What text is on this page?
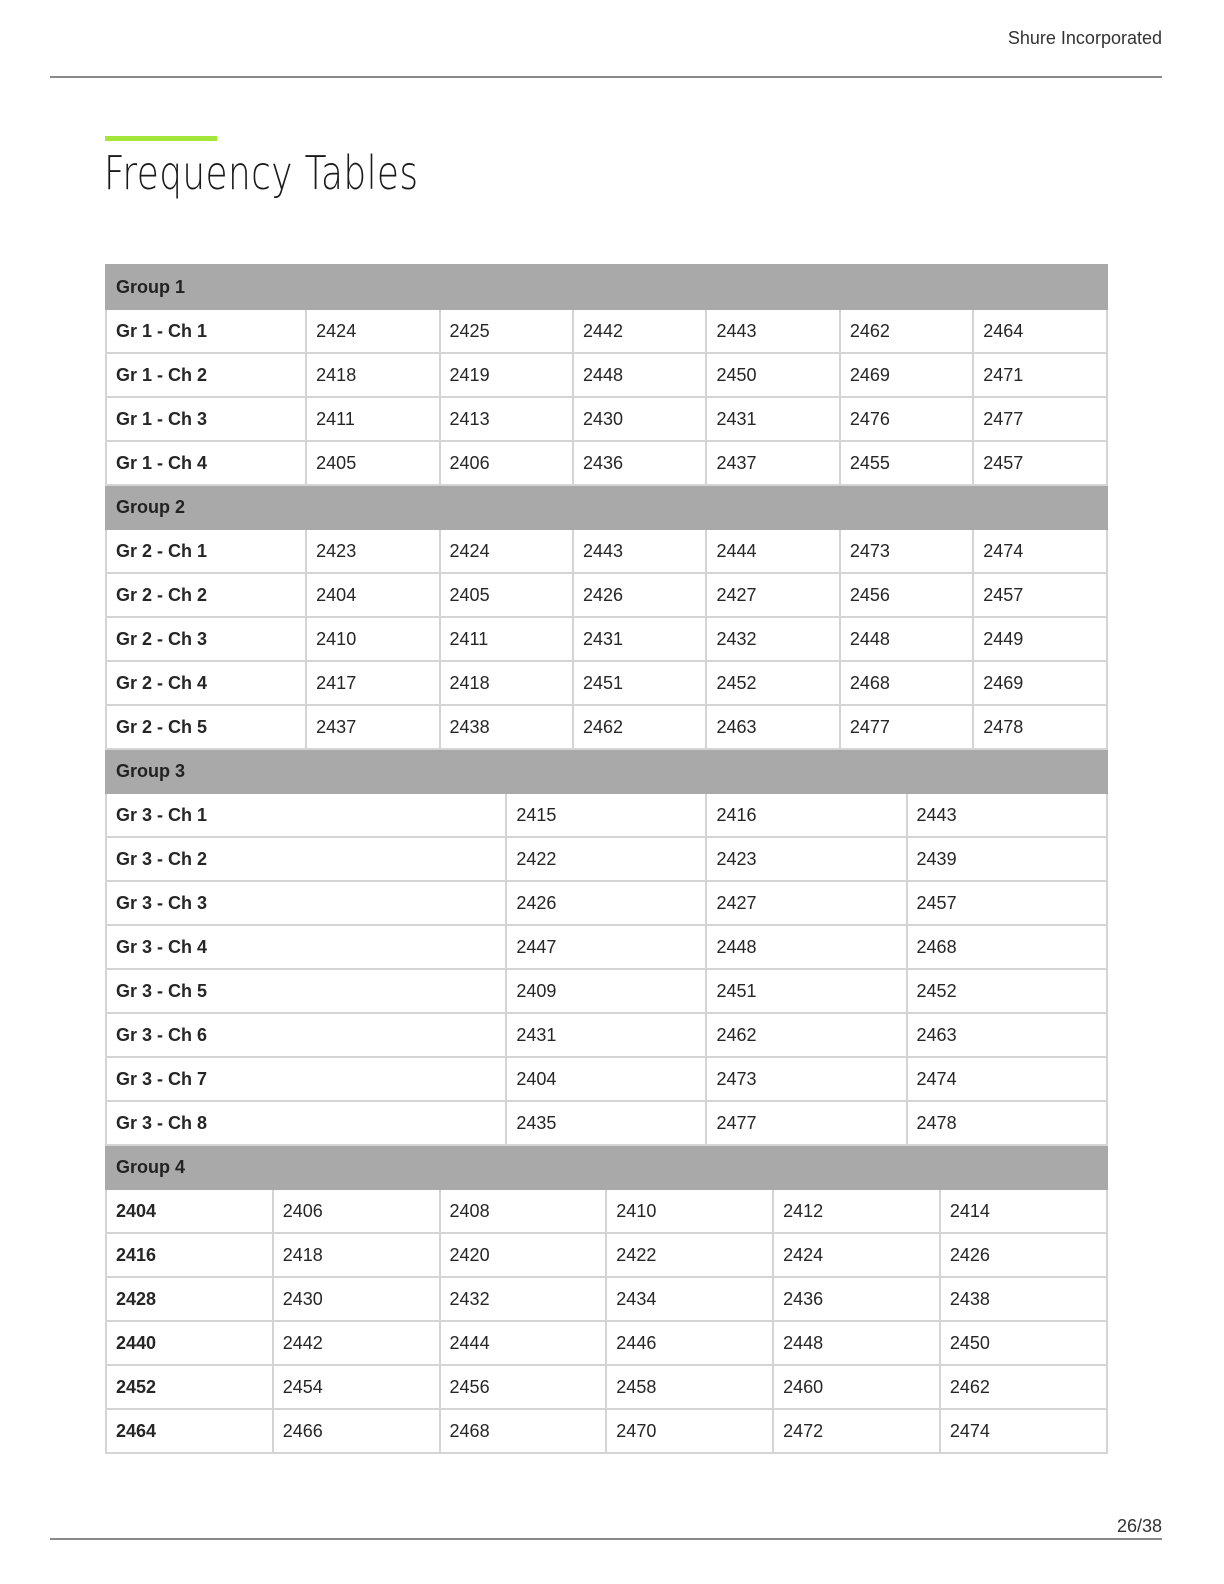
Shure Incorporated
Frequency Tables
Group 1												
Gr 1 - Ch 1		2424	2425		2442		2443		2462			2464
Gr 1 - Ch 2		2418	2419		2448		2450		2469			2471
Gr 1 - Ch 3		2411	2413		2430		2431		2476			2477
Gr 1 - Ch 4		2405	2406		2436		2437		2455			2457
Group 2												
Gr 2 - Ch 1		2423	2424		2443		2444		2473			2474
Gr 2 - Ch 2		2404	2405		2426		2427		2456			2457
Gr 2 - Ch 3		2410	2411		2431		2432		2448			2449
Gr 2 - Ch 4		2417	2418		2451		2452		2468			2469
Gr 2 - Ch 5		2437	2438		2462		2463		2477			2478
Group 3												
Gr 3 - Ch 1				2415			2416			2443		
Gr 3 - Ch 2				2422			2423			2439		
Gr 3 - Ch 3				2426			2427			2457		
Gr 3 - Ch 4				2447			2448			2468		
Gr 3 - Ch 5				2409			2451			2452		
Gr 3 - Ch 6				2431			2462			2463		
Gr 3 - Ch 7				2404			2473			2474		
Gr 3 - Ch 8				2435			2477			2478		
Group 4												
2404	2406		2408			2410		2412			2414	
2416	2418		2420			2422		2424			2426	
2428	2430		2432			2434		2436			2438	
2440	2442		2444			2446		2448			2450	
2452	2454		2456			2458		2460			2462	
2464	2466		2468			2470		2472			2474	
26/38
